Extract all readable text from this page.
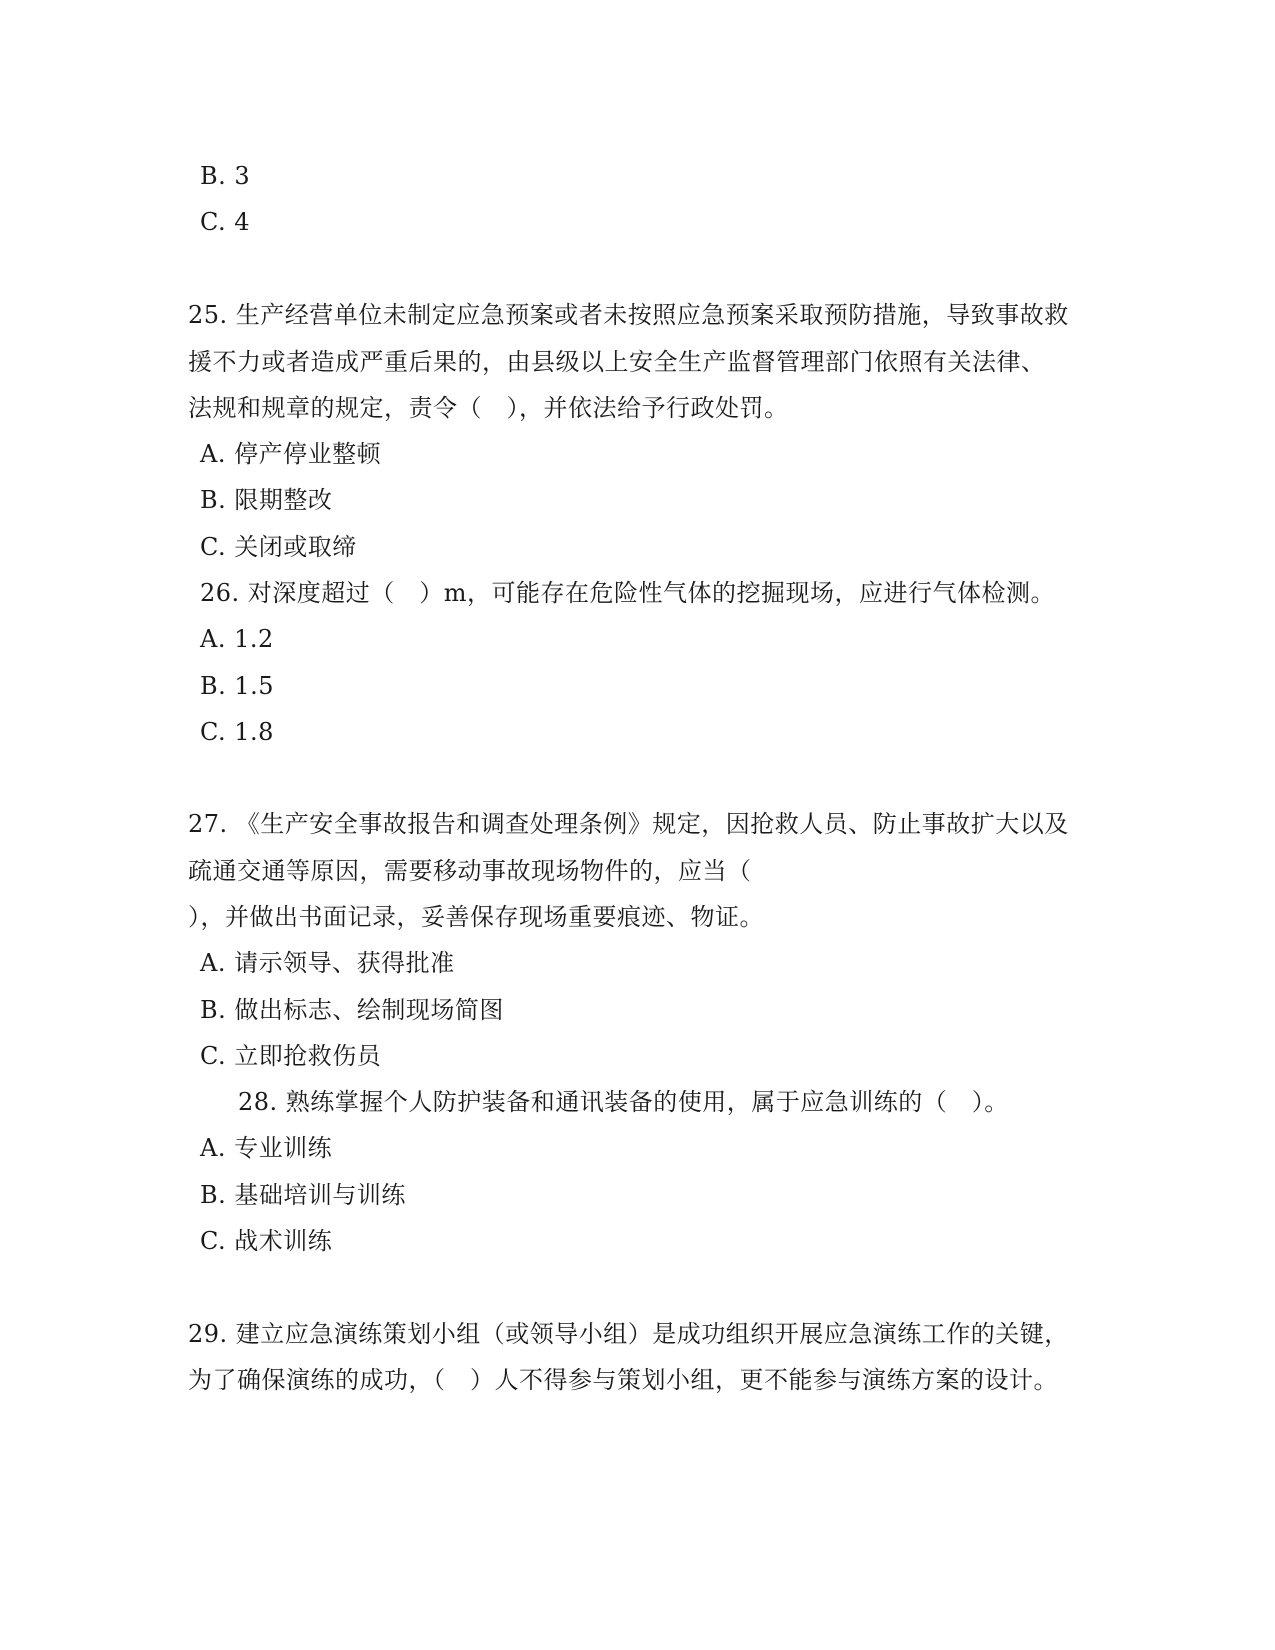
B. 3
C. 4
25. 生产经营单位未制定应急预案或者未按照应急预案采取预防措施，导致事故救
援不力或者造成严重后果的，由县级以上安全生产监督管理部门依照有关法律、
法规和规章的规定，责令（　），并依法给予行政处罚。
A. 停产停业整顿
B. 限期整改
C. 关闭或取缔
26. 对深度超过（　）m，可能存在危险性气体的挖掘现场，应进行气体检测。
A. 1.2
B. 1.5
C. 1.8
27. 《生产安全事故报告和调查处理条例》规定，因抢救人员、防止事故扩大以及
疏通交通等原因，需要移动事故现场物件的，应当（
），并做出书面记录，妥善保存现场重要痕迹、物证。
A. 请示领导、获得批准
B. 做出标志、绘制现场简图
C. 立即抢救伤员
28. 熟练掌握个人防护装备和通讯装备的使用，属于应急训练的（　）。
A. 专业训练
B. 基础培训与训练
C. 战术训练
29. 建立应急演练策划小组（或领导小组）是成功组织开展应急演练工作的关键，
为了确保演练的成功，（　）人不得参与策划小组，更不能参与演练方案的设计。
